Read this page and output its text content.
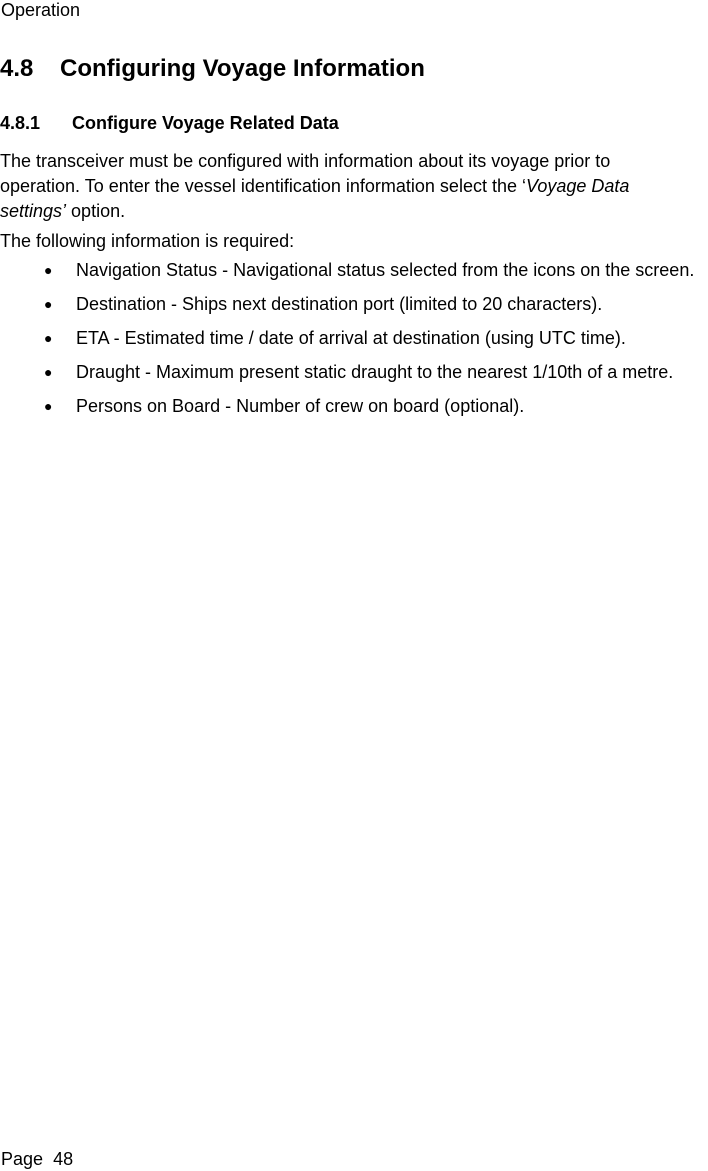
Operation
4.8 Configuring Voyage Information
4.8.1 Configure Voyage Related Data
The transceiver must be configured with information about its voyage prior to operation. To enter the vessel identification information select the ‘Voyage Data settings’ option.
The following information is required:
● Navigation Status - Navigational status selected from the icons on the screen.
● Destination - Ships next destination port (limited to 20 characters).
● ETA - Estimated time / date of arrival at destination (using UTC time).
● Draught - Maximum present static draught to the nearest 1/10th of a metre.
● Persons on Board - Number of crew on board (optional).
Page 48
